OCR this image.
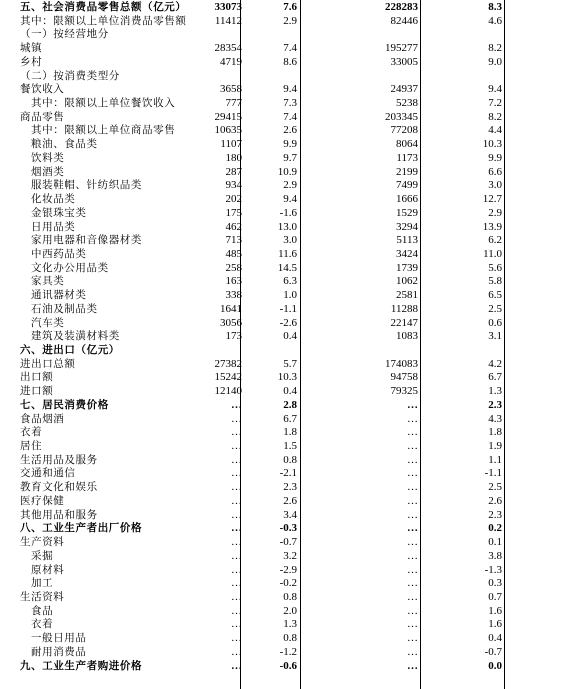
五、社会消费品零售总额（亿元）	33073	7.6	228283	8.3
其中：限额以上单位消费品零售额	11412	2.9	82446	4.6
（一）按经营地分
城镇	28354	7.4	195277	8.2
乡村	4719	8.6	33005	9.0
（二）按消费类型分
餐饮收入	3658	9.4	24937	9.4
其中：限额以上单位餐饮收入	777	7.3	5238	7.2
商品零售	29415	7.4	203345	8.2
其中：限额以上单位商品零售	10635	2.6	77208	4.4
粮油、食品类	1107	9.9	8064	10.3
饮料类	180	9.7	1173	9.9
烟酒类	287	10.9	2199	6.6
服装鞋帽、针纺织品类	934	2.9	7499	3.0
化妆品类	202	9.4	1666	12.7
金银珠宝类	175	-1.6	1529	2.9
日用品类	462	13.0	3294	13.9
家用电器和音像器材类	713	3.0	5113	6.2
中西药品类	485	11.6	3424	11.0
文化办公用品类	258	14.5	1739	5.6
家具类	163	6.3	1062	5.8
通讯器材类	338	1.0	2581	6.5
石油及制品类	1641	-1.1	11288	2.5
汽车类	3056	-2.6	22147	0.6
建筑及装潢材料类	173	0.4	1083	3.1
六、进出口（亿元）
进出口总额	27382	5.7	174083	4.2
出口额	15242	10.3	94758	6.7
进口额	12140	0.4	79325	1.3
七、居民消费价格	…	2.8	…	2.3
食品烟酒	…	6.7	…	4.3
衣着	…	1.8	…	1.8
居住	…	1.5	…	1.9
生活用品及服务	…	0.8	…	1.1
交通和通信	…	-2.1	…	-1.1
教育文化和娱乐	…	2.3	…	2.5
医疗保健	…	2.6	…	2.6
其他用品和服务	…	3.4	…	2.3
八、工业生产者出厂价格	…	-0.3	…	0.2
生产资料	…	-0.7	…	0.1
采掘	…	3.2	…	3.8
原材料	…	-2.9	…	-1.3
加工	…	-0.2	…	0.3
生活资料	…	0.8	…	0.7
食品	…	2.0	…	1.6
衣着	…	1.3	…	1.6
一般日用品	…	0.8	…	0.4
耐用消费品	…	-1.2	…	-0.7
九、工业生产者购进价格	…	-0.6	…	0.0
